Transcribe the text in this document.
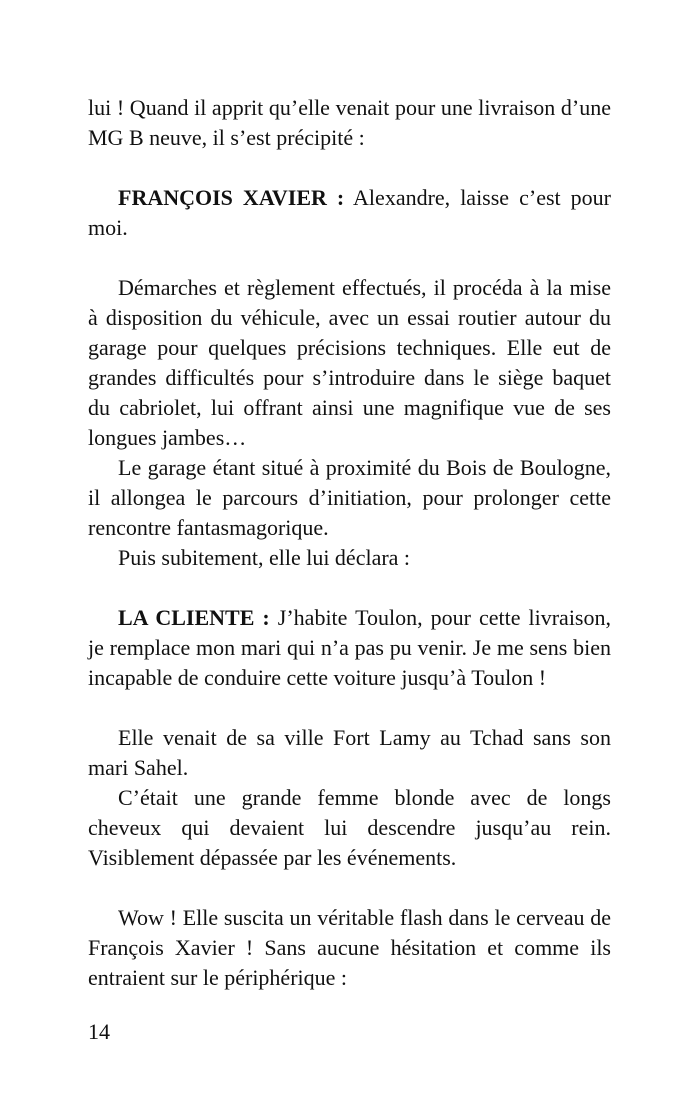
lui ! Quand il apprit qu’elle venait pour une livraison d’une MG B neuve, il s’est précipité :

FRANÇOIS XAVIER : Alexandre, laisse c’est pour moi.

Démarches et règlement effectués, il procéda à la mise à disposition du véhicule, avec un essai routier autour du garage pour quelques précisions techniques. Elle eut de grandes difficultés pour s’introduire dans le siège baquet du cabriolet, lui offrant ainsi une magnifique vue de ses longues jambes…

Le garage étant situé à proximité du Bois de Boulogne, il allongea le parcours d’initiation, pour prolonger cette rencontre fantasmagorique.

Puis subitement, elle lui déclara :

LA CLIENTE : J’habite Toulon, pour cette livraison, je remplace mon mari qui n’a pas pu venir. Je me sens bien incapable de conduire cette voiture jusqu’à Toulon !

Elle venait de sa ville Fort Lamy au Tchad sans son mari Sahel.

C’était une grande femme blonde avec de longs cheveux qui devaient lui descendre jusqu’au rein. Visiblement dépassée par les événements.

Wow ! Elle suscita un véritable flash dans le cerveau de François Xavier ! Sans aucune hésitation et comme ils entraient sur le périphérique :

14
